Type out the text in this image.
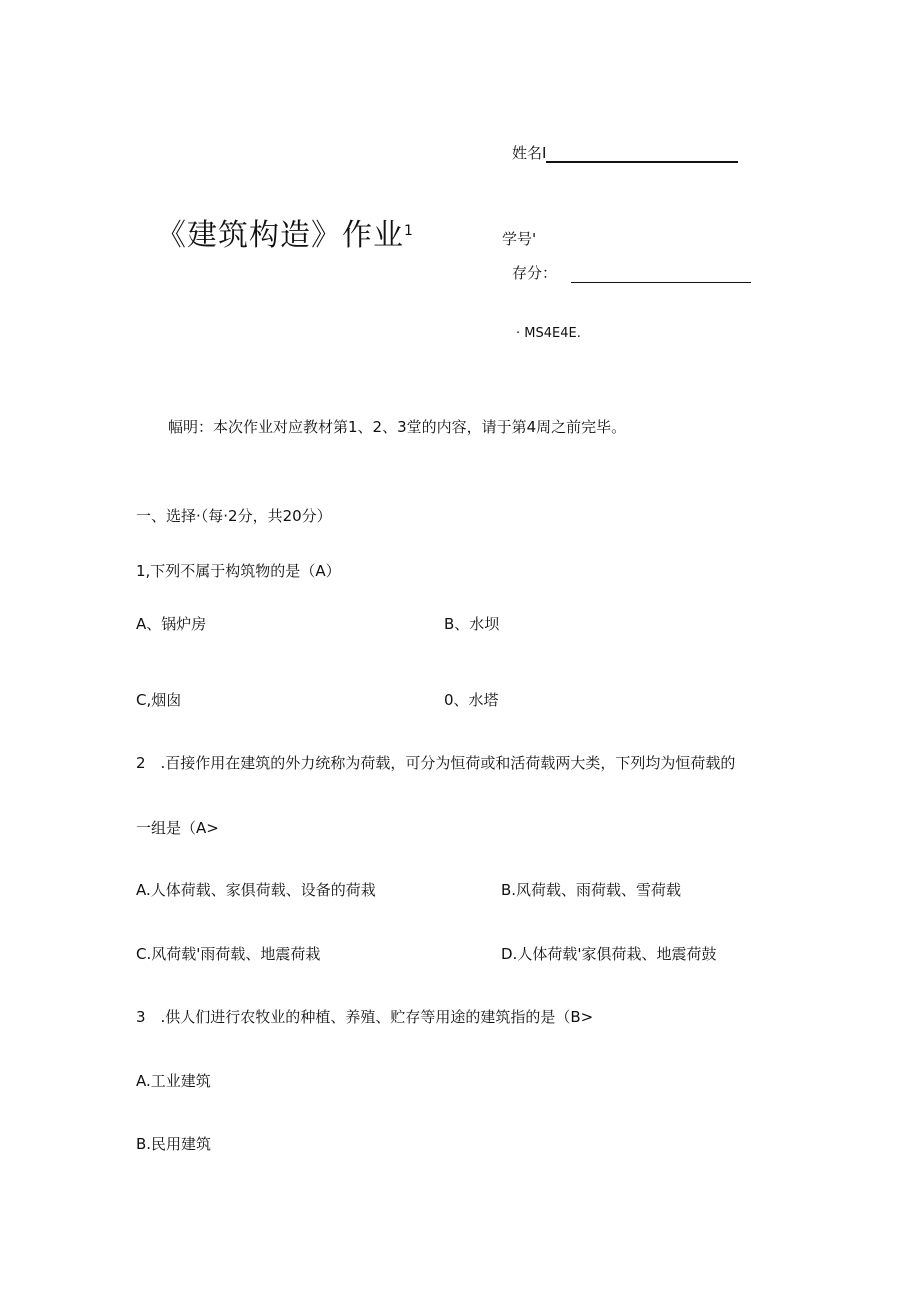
姓名I
《建筑构造》作业$^1$	学号'
存分：
· MS4E4E.
幅明：本次作业对应教材第1、2、3堂的内容，请于第4周之前完毕。
一、选择·（每·2分，共20分）
1,下列不属于构筑物的是（A）
A、锅炉房	B、水坝
C,烟囱	0、水塔
2　.百接作用在建筑的外力统称为荷载，可分为恒荷或和活荷载两大类，下列均为恒荷载的
一组是（A>
A.人体荷载、家俱荷载、设备的荷栽	B.风荷载、雨荷载、雪荷载
C.风荷载'雨荷载、地震荷栽	D.人体荷载'家俱荷栽、地震荷鼓
3　.供人们进行农牧业的种植、养殖、贮存等用途的建筑指的是（B>
A.工业建筑
B.民用建筑
